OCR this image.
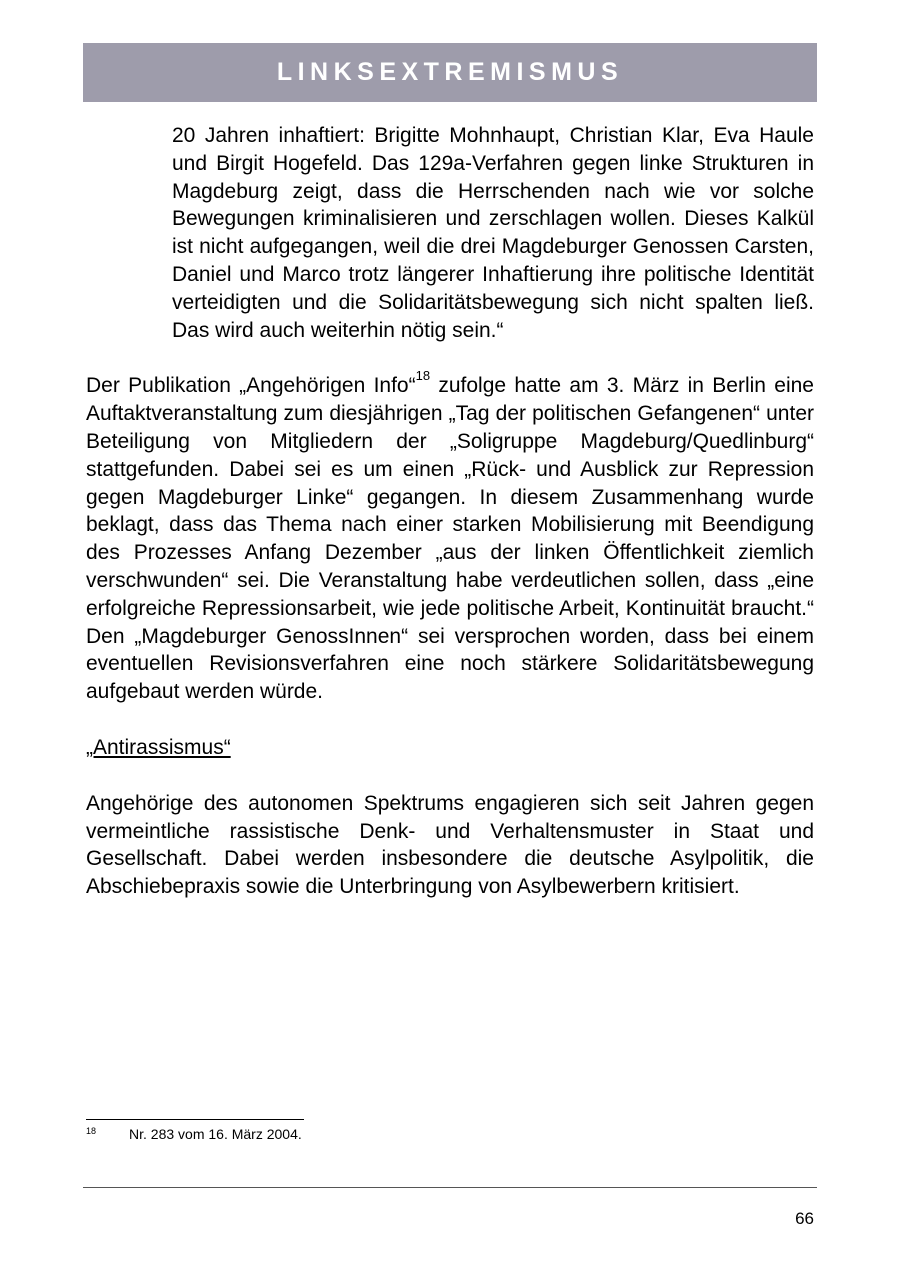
LINKSEXTREMISMUS

20 Jahren inhaftiert: Brigitte Mohnhaupt, Christian Klar, Eva Haule und Birgit Hogefeld. Das 129a-Verfahren gegen linke Strukturen in Magdeburg zeigt, dass die Herrschenden nach wie vor solche Bewegungen kriminalisieren und zerschlagen wollen. Dieses Kalkül ist nicht aufgegangen, weil die drei Magdeburger Genossen Carsten, Daniel und Marco trotz längerer Inhaftierung ihre politische Identität verteidigten und die Solidaritätsbewegung sich nicht spalten ließ. Das wird auch weiterhin nötig sein.“

Der Publikation „Angehörigen Info“$^{18}$ zufolge hatte am 3. März in Berlin eine Auftaktveranstaltung zum diesjährigen „Tag der politischen Gefangenen“ unter Beteiligung von Mitgliedern der „Soligruppe Magdeburg/Quedlinburg“ stattgefunden. Dabei sei es um einen „Rück- und Ausblick zur Repression gegen Magdeburger Linke“ gegangen. In diesem Zusammenhang wurde beklagt, dass das Thema nach einer starken Mobilisierung mit Beendigung des Prozesses Anfang Dezember „aus der linken Öffentlichkeit ziemlich verschwunden“ sei. Die Veranstaltung habe verdeutlichen sollen, dass „eine erfolgreiche Repressionsarbeit, wie jede politische Arbeit, Kontinuität braucht.“ Den „Magdeburger GenossInnen“ sei versprochen worden, dass bei einem eventuellen Revisionsverfahren eine noch stärkere Solidaritätsbewegung aufgebaut werden würde.

„Antirassismus“

Angehörige des autonomen Spektrums engagieren sich seit Jahren gegen vermeintliche rassistische Denk- und Verhaltensmuster in Staat und Gesellschaft. Dabei werden insbesondere die deutsche Asylpolitik, die Abschiebepraxis sowie die Unterbringung von Asylbewerbern kritisiert.

18	Nr. 283 vom 16. März 2004.
66
